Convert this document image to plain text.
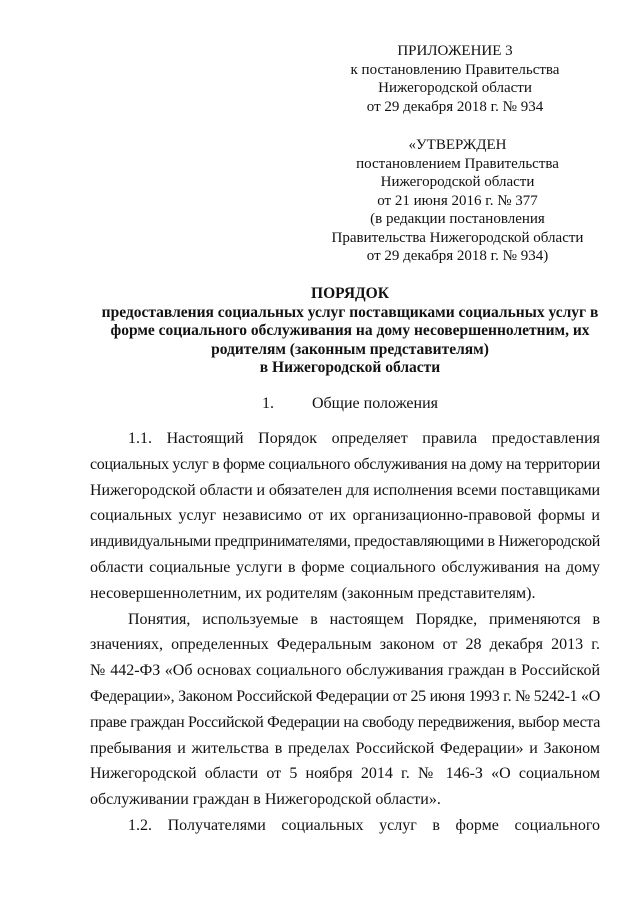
ПРИЛОЖЕНИЕ 3
к постановлению Правительства
Нижегородской области
от 29 декабря 2018 г. № 934
«УТВЕРЖДЕН
постановлением Правительства
Нижегородской области
от 21 июня 2016 г. № 377
(в редакции постановления
Правительства Нижегородской области
от 29 декабря 2018 г. № 934)
ПОРЯДОК
предоставления социальных услуг поставщиками социальных услуг в
форме социального обслуживания на дому несовершеннолетним, их
родителям (законным представителям)
в Нижегородской области
1. Общие положения
1.1. Настоящий Порядок определяет правила предоставления
социальных услуг в форме социального обслуживания на дому на территории
Нижегородской области и обязателен для исполнения всеми поставщиками
социальных услуг независимо от их организационно-правовой формы и
индивидуальными предпринимателями, предоставляющими в Нижегородской
области социальные услуги в форме социального обслуживания на дому
несовершеннолетним, их родителям (законным представителям).
Понятия, используемые в настоящем Порядке, применяются в
значениях, определенных Федеральным законом от 28 декабря 2013 г.
№ 442-ФЗ «Об основах социального обслуживания граждан в Российской
Федерации», Законом Российской Федерации от 25 июня 1993 г. № 5242-1 «О
праве граждан Российской Федерации на свободу передвижения, выбор места
пребывания и жительства в пределах Российской Федерации» и Законом
Нижегородской области от 5 ноября 2014 г. № 146-З «О социальном
обслуживании граждан в Нижегородской области».
1.2. Получателями социальных услуг в форме социального
